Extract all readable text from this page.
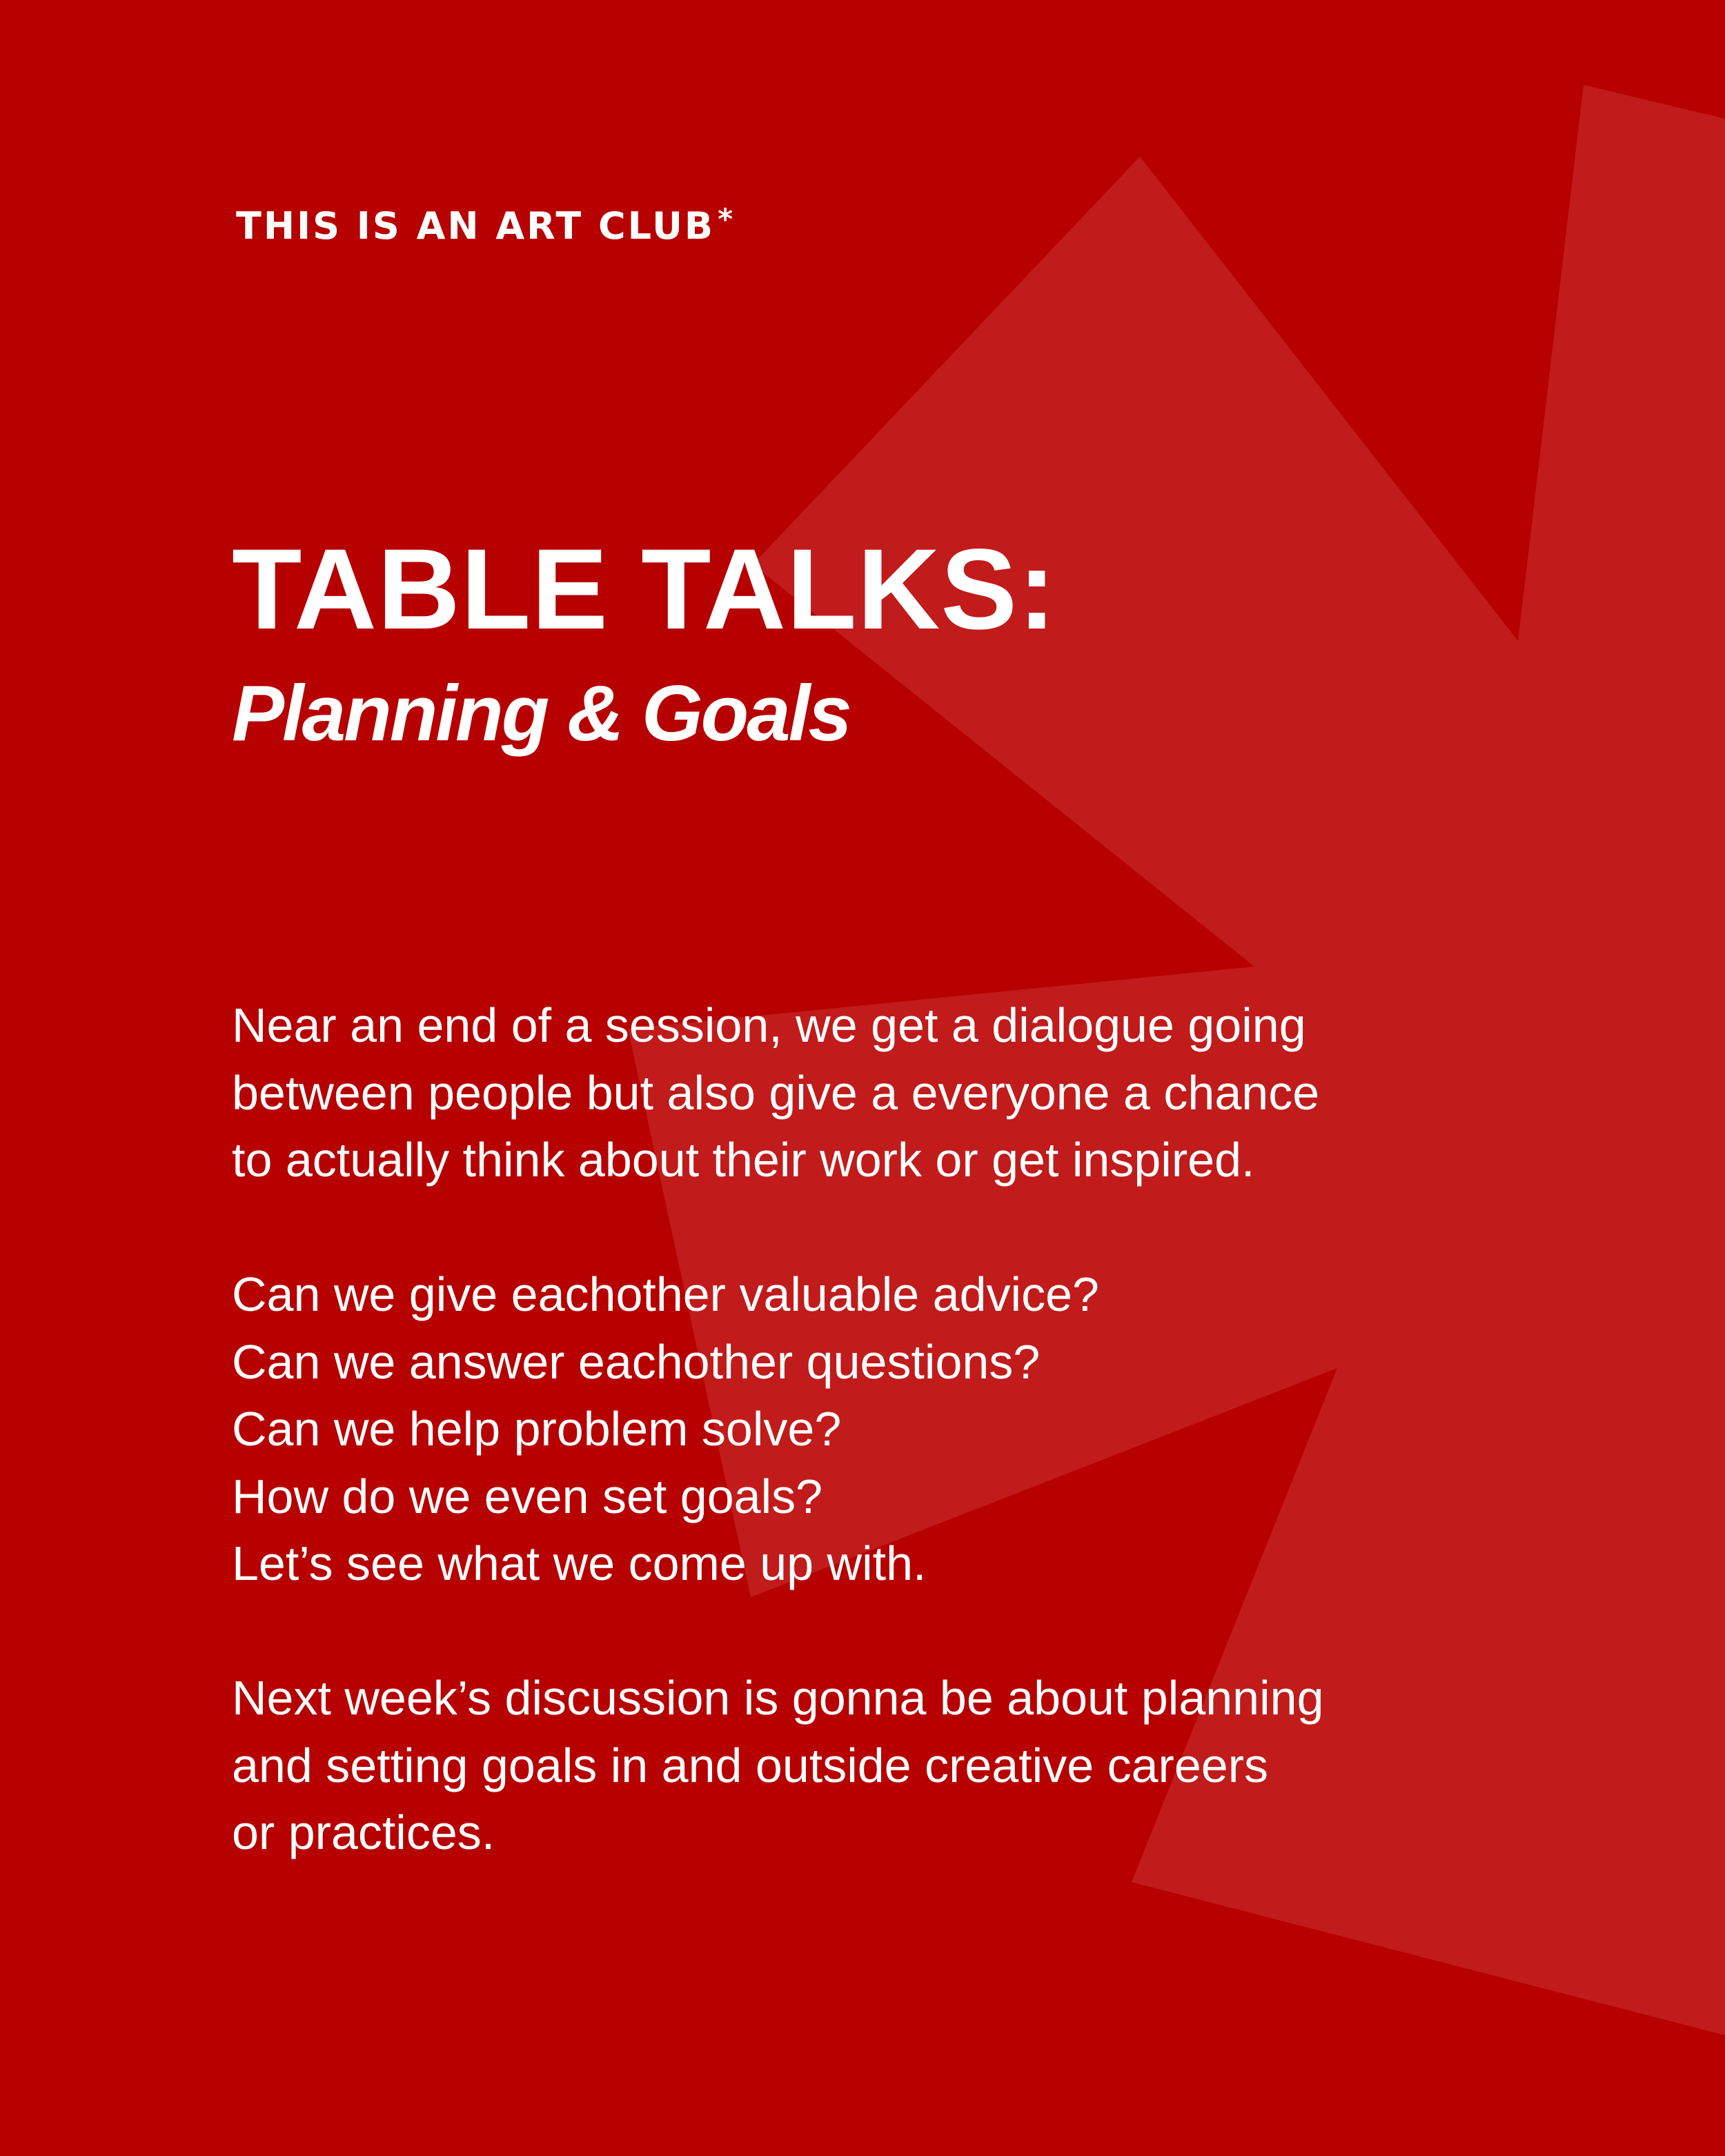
THIS IS AN ART CLUB*
TABLE TALKS:
Planning & Goals

Near an end of a session, we get a dialogue going
between people but also give a everyone a chance
to actually think about their work or get inspired.

Can we give eachother valuable advice?
Can we answer eachother questions?
Can we help problem solve?
How do we even set goals?
Let’s see what we come up with.

Next week’s discussion is gonna be about planning
and setting goals in and outside creative careers
or practices.
